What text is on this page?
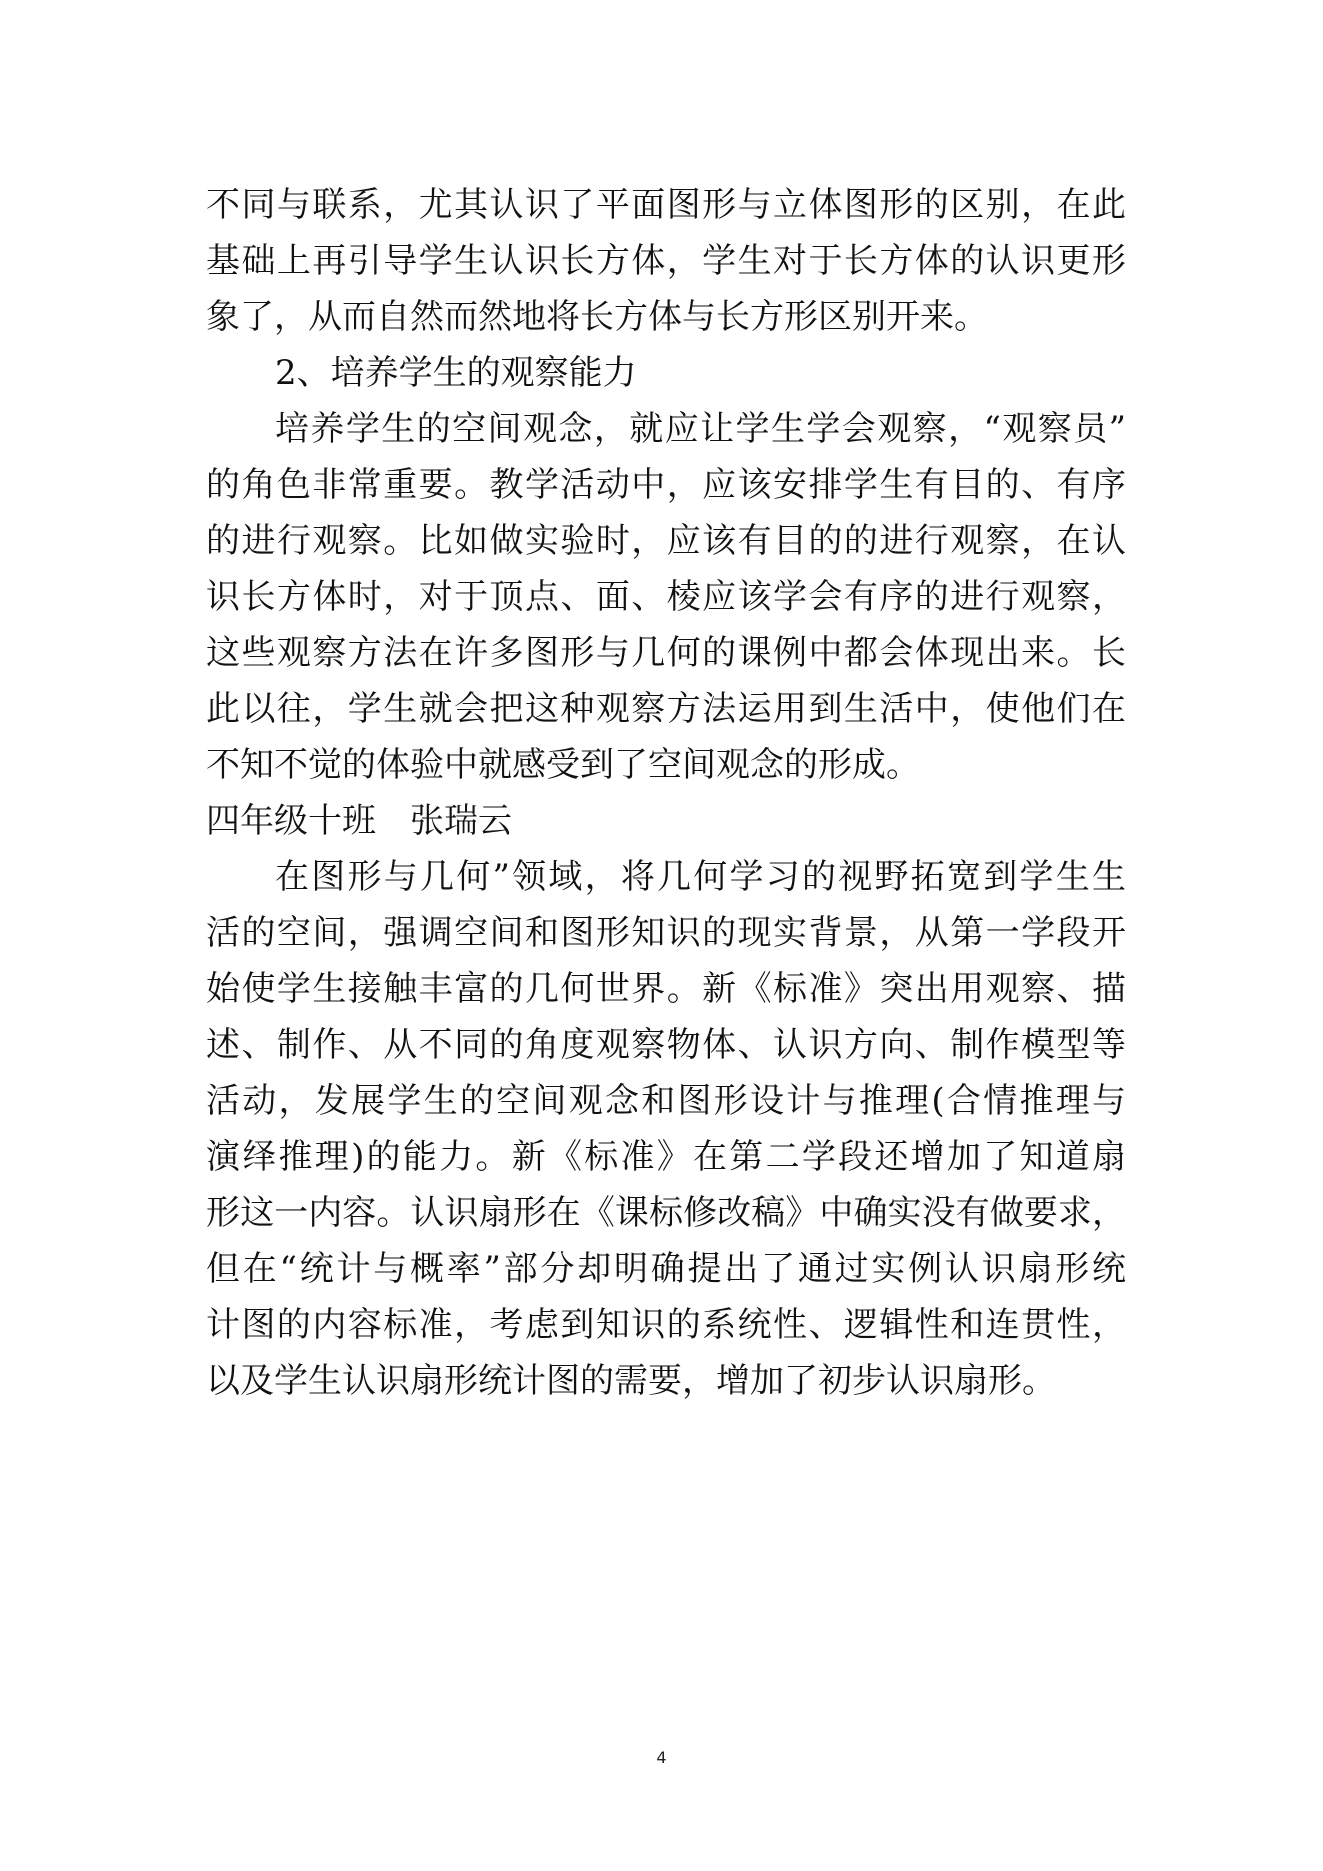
不同与联系，尤其认识了平面图形与立体图形的区别，在此
基础上再引导学生认识长方体，学生对于长方体的认识更形
象了，从而自然而然地将长方体与长方形区别开来。
2、培养学生的观察能力
培养学生的空间观念，就应让学生学会观察，“观察员”
的角色非常重要。教学活动中，应该安排学生有目的、有序
的进行观察。比如做实验时，应该有目的的进行观察，在认
识长方体时，对于顶点、面、棱应该学会有序的进行观察，
这些观察方法在许多图形与几何的课例中都会体现出来。长
此以往，学生就会把这种观察方法运用到生活中，使他们在
不知不觉的体验中就感受到了空间观念的形成。
四年级十班　张瑞云
在图形与几何”领域，将几何学习的视野拓宽到学生生
活的空间，强调空间和图形知识的现实背景，从第一学段开
始使学生接触丰富的几何世界。新《标准》突出用观察、描
述、制作、从不同的角度观察物体、认识方向、制作模型等
活动，发展学生的空间观念和图形设计与推理(合情推理与
演绎推理)的能力。新《标准》在第二学段还增加了知道扇
形这一内容。认识扇形在《课标修改稿》中确实没有做要求，
但在“统计与概率”部分却明确提出了通过实例认识扇形统
计图的内容标准，考虑到知识的系统性、逻辑性和连贯性，
以及学生认识扇形统计图的需要，增加了初步认识扇形。
4
